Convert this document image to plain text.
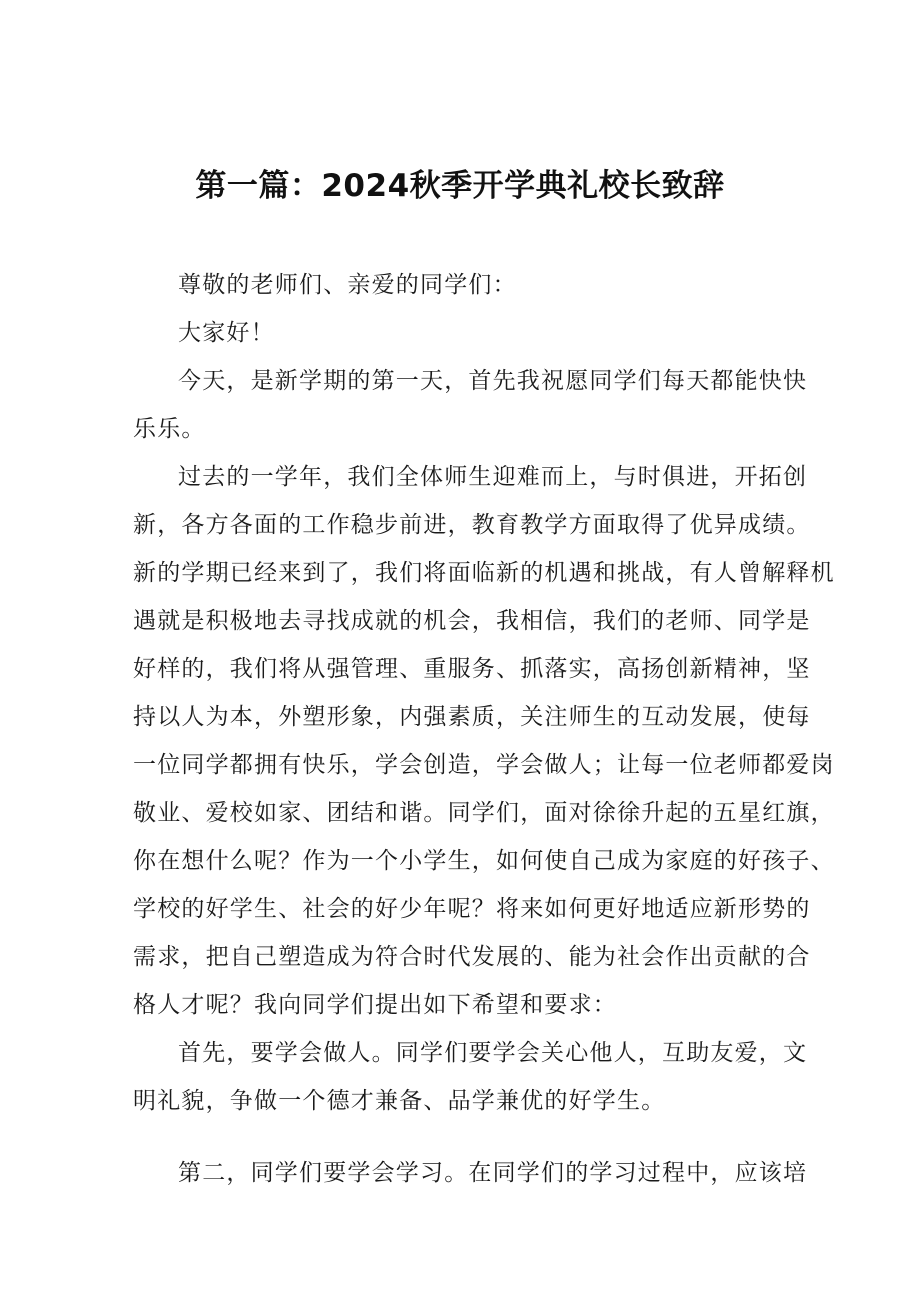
第一篇：2024秋季开学典礼校长致辞

尊敬的老师们、亲爱的同学们：

大家好！

今天，是新学期的第一天，首先我祝愿同学们每天都能快快

乐乐。

过去的一学年，我们全体师生迎难而上，与时俱进，开拓创

新，各方各面的工作稳步前进，教育教学方面取得了优异成绩。

新的学期已经来到了，我们将面临新的机遇和挑战，有人曾解释机

遇就是积极地去寻找成就的机会，我相信，我们的老师、同学是

好样的，我们将从强管理、重服务、抓落实，高扬创新精神，坚

持以人为本，外塑形象，内强素质，关注师生的互动发展，使每

一位同学都拥有快乐，学会创造，学会做人；让每一位老师都爱岗

敬业、爱校如家、团结和谐。同学们，面对徐徐升起的五星红旗，

你在想什么呢？作为一个小学生，如何使自己成为家庭的好孩子、

学校的好学生、社会的好少年呢？将来如何更好地适应新形势的

需求，把自己塑造成为符合时代发展的、能为社会作出贡献的合

格人才呢？我向同学们提出如下希望和要求：

首先，要学会做人。同学们要学会关心他人，互助友爱，文

明礼貌，争做一个德才兼备、品学兼优的好学生。

第二，同学们要学会学习。在同学们的学习过程中，应该培
